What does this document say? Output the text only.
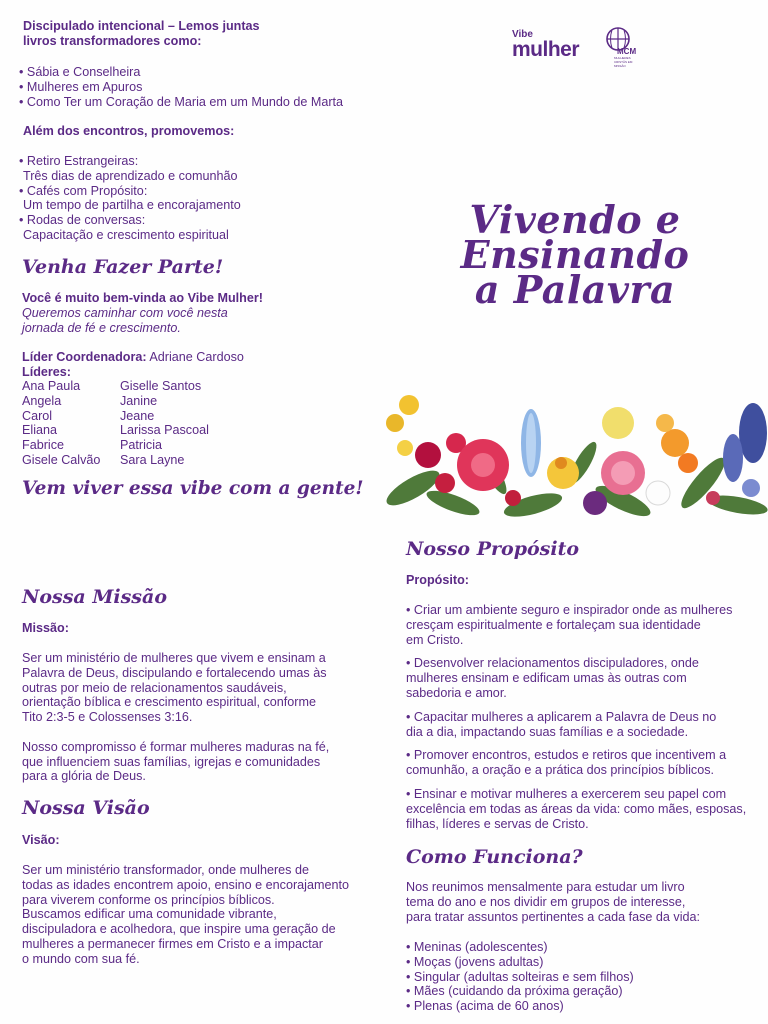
Discipulado intencional – Lemos juntas

livros transformadores como:

• Sábia e Conselheira
• Mulheres em Apuros
• Como Ter um Coração de Maria em um Mundo de Marta

Além dos encontros, promovemos:

• Retiro Estrangeiras:
Três dias de aprendizado e comunhão
• Cafés com Propósito:
Um tempo de partilha e encorajamento
• Rodas de conversas:
Capacitação e crescimento espiritual
Venha Fazer Parte!

Você é muito bem-vinda ao Vibe Mulher!

Queremos caminhar com você nesta

jornada de fé e crescimento.

Líder Coordenadora: Adriane Cardoso

Líderes:

Ana Paula	Giselle Santos
Angela	Janine
Carol	Jeane
Eliana	Larissa Pascoal
Fabrice	Patricia
Gisele Calvão	Sara Layne
Vem viver essa vibe com a gente!
Vibe
mulher	MCM
MULHERES CRISTÃS EM MISSÃO
Vivendo e
Ensinando
a Palavra
Nossa Missão

Missão:

Ser um ministério de mulheres que vivem e ensinam a
Palavra de Deus, discipulando e fortalecendo umas às
outras por meio de relacionamentos saudáveis,
orientação bíblica e crescimento espiritual, conforme
Tito 2:3-5 e Colossenses 3:16.
Nosso compromisso é formar mulheres maduras na fé,
que influenciem suas famílias, igrejas e comunidades
para a glória de Deus.
Nossa Visão

Visão:

Ser um ministério transformador, onde mulheres de
todas as idades encontrem apoio, ensino e encorajamento
para viverem conforme os princípios bíblicos.
Buscamos edificar uma comunidade vibrante,
discipuladora e acolhedora, que inspire uma geração de
mulheres a permanecer firmes em Cristo e a impactar
o mundo com sua fé.
Nosso Propósito

Propósito:

• Criar um ambiente seguro e inspirador onde as mulheres
cresçam espiritualmente e fortaleçam sua identidade
em Cristo.
• Desenvolver relacionamentos discipuladores, onde
mulheres ensinam e edificam umas às outras com
sabedoria e amor.
• Capacitar mulheres a aplicarem a Palavra de Deus no
dia a dia, impactando suas famílias e a sociedade.
• Promover encontros, estudos e retiros que incentivem a
comunhão, a oração e a prática dos princípios bíblicos.
• Ensinar e motivar mulheres a exercerem seu papel com
excelência em todas as áreas da vida: como mães, esposas,
filhas, líderes e servas de Cristo.
Como Funciona?
Nos reunimos mensalmente para estudar um livro
tema do ano e nos dividir em grupos de interesse,
para tratar assuntos pertinentes a cada fase da vida:
• Meninas (adolescentes)
• Moças (jovens adultas)
• Singular (adultas solteiras e sem filhos)
• Mães (cuidando da próxima geração)
• Plenas (acima de 60 anos)
